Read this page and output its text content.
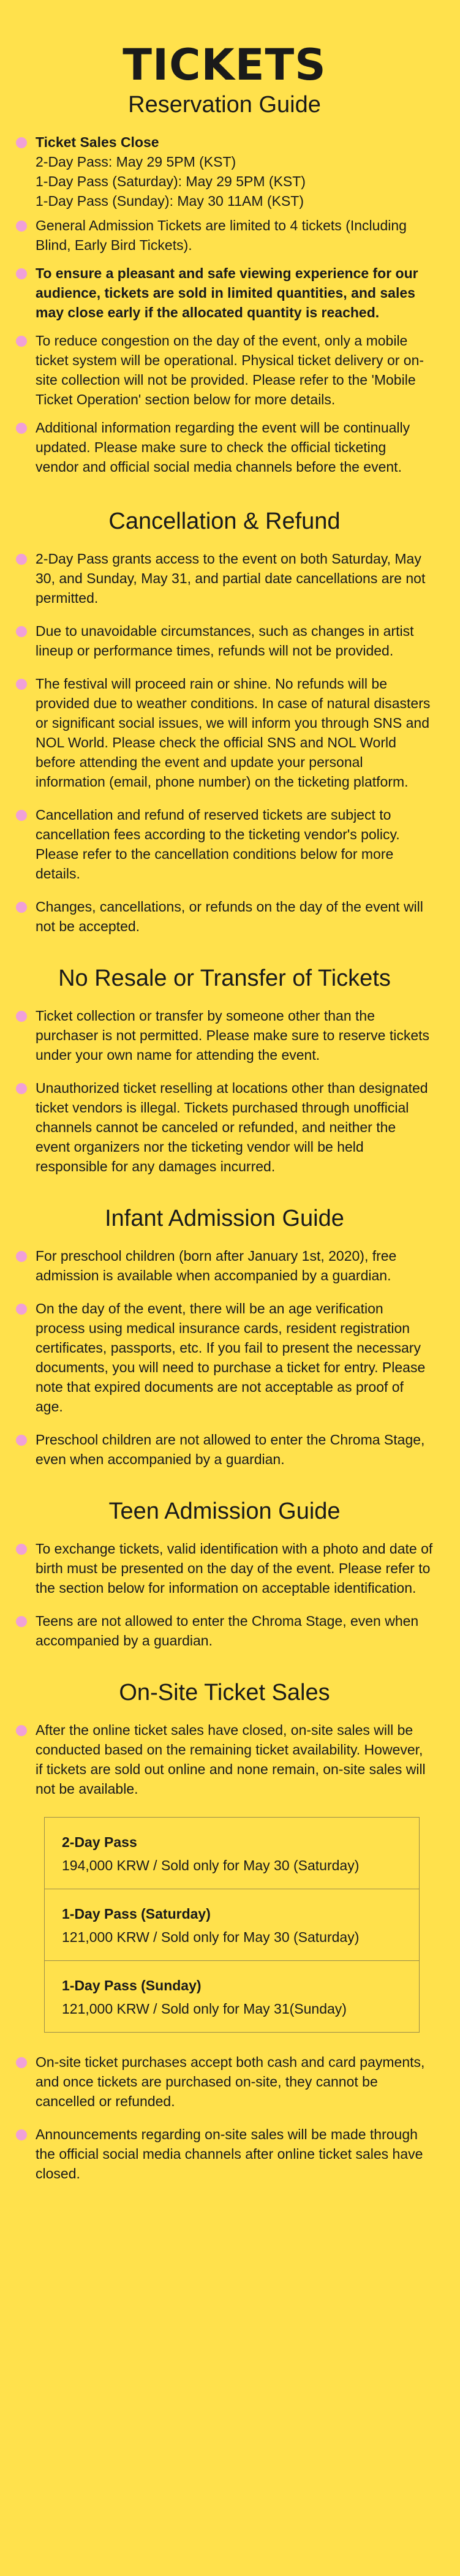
TICKETS
Reservation Guide
Ticket Sales Close
2-Day Pass: May 29 5PM (KST)
1-Day Pass (Saturday): May 29 5PM (KST)
1-Day Pass (Sunday): May 30 11AM (KST)
General Admission Tickets are limited to 4 tickets (Including Blind, Early Bird Tickets).
To ensure a pleasant and safe viewing experience for our audience, tickets are sold in limited quantities, and sales may close early if the allocated quantity is reached.
To reduce congestion on the day of the event, only a mobile ticket system will be operational. Physical ticket delivery or on-site collection will not be provided. Please refer to the 'Mobile Ticket Operation' section below for more details.
Additional information regarding the event will be continually updated. Please make sure to check the official ticketing vendor and official social media channels before the event.
Cancellation & Refund
2-Day Pass grants access to the event on both Saturday, May 30, and Sunday, May 31, and partial date cancellations are not permitted.
Due to unavoidable circumstances, such as changes in artist lineup or performance times, refunds will not be provided.
The festival will proceed rain or shine. No refunds will be provided due to weather conditions. In case of natural disasters or significant social issues, we will inform you through SNS and NOL World. Please check the official SNS and NOL World before attending the event and update your personal information (email, phone number) on the ticketing platform.
Cancellation and refund of reserved tickets are subject to cancellation fees according to the ticketing vendor's policy. Please refer to the cancellation conditions below for more details.
Changes, cancellations, or refunds on the day of the event will not be accepted.
No Resale or Transfer of Tickets
Ticket collection or transfer by someone other than the purchaser is not permitted. Please make sure to reserve tickets under your own name for attending the event.
Unauthorized ticket reselling at locations other than designated ticket vendors is illegal. Tickets purchased through unofficial channels cannot be canceled or refunded, and neither the event organizers nor the ticketing vendor will be held responsible for any damages incurred.
Infant Admission Guide
For preschool children (born after January 1st, 2020), free admission is available when accompanied by a guardian.
On the day of the event, there will be an age verification process using medical insurance cards, resident registration certificates, passports, etc. If you fail to present the necessary documents, you will need to purchase a ticket for entry. Please note that expired documents are not acceptable as proof of age.
Preschool children are not allowed to enter the Chroma Stage, even when accompanied by a guardian.
Teen Admission Guide
To exchange tickets, valid identification with a photo and date of birth must be presented on the day of the event. Please refer to the section below for information on acceptable identification.
Teens are not allowed to enter the Chroma Stage, even when accompanied by a guardian.
On-Site Ticket Sales
After the online ticket sales have closed, on-site sales will be conducted based on the remaining ticket availability. However, if tickets are sold out online and none remain, on-site sales will not be available.
2-Day Pass
194,000 KRW / Sold only for May 30 (Saturday)
1-Day Pass (Saturday)
121,000 KRW / Sold only for May 30 (Saturday)
1-Day Pass (Sunday)
121,000 KRW / Sold only for May 31(Sunday)
On-site ticket purchases accept both cash and card payments, and once tickets are purchased on-site, they cannot be cancelled or refunded.
Announcements regarding on-site sales will be made through the official social media channels after online ticket sales have closed.
